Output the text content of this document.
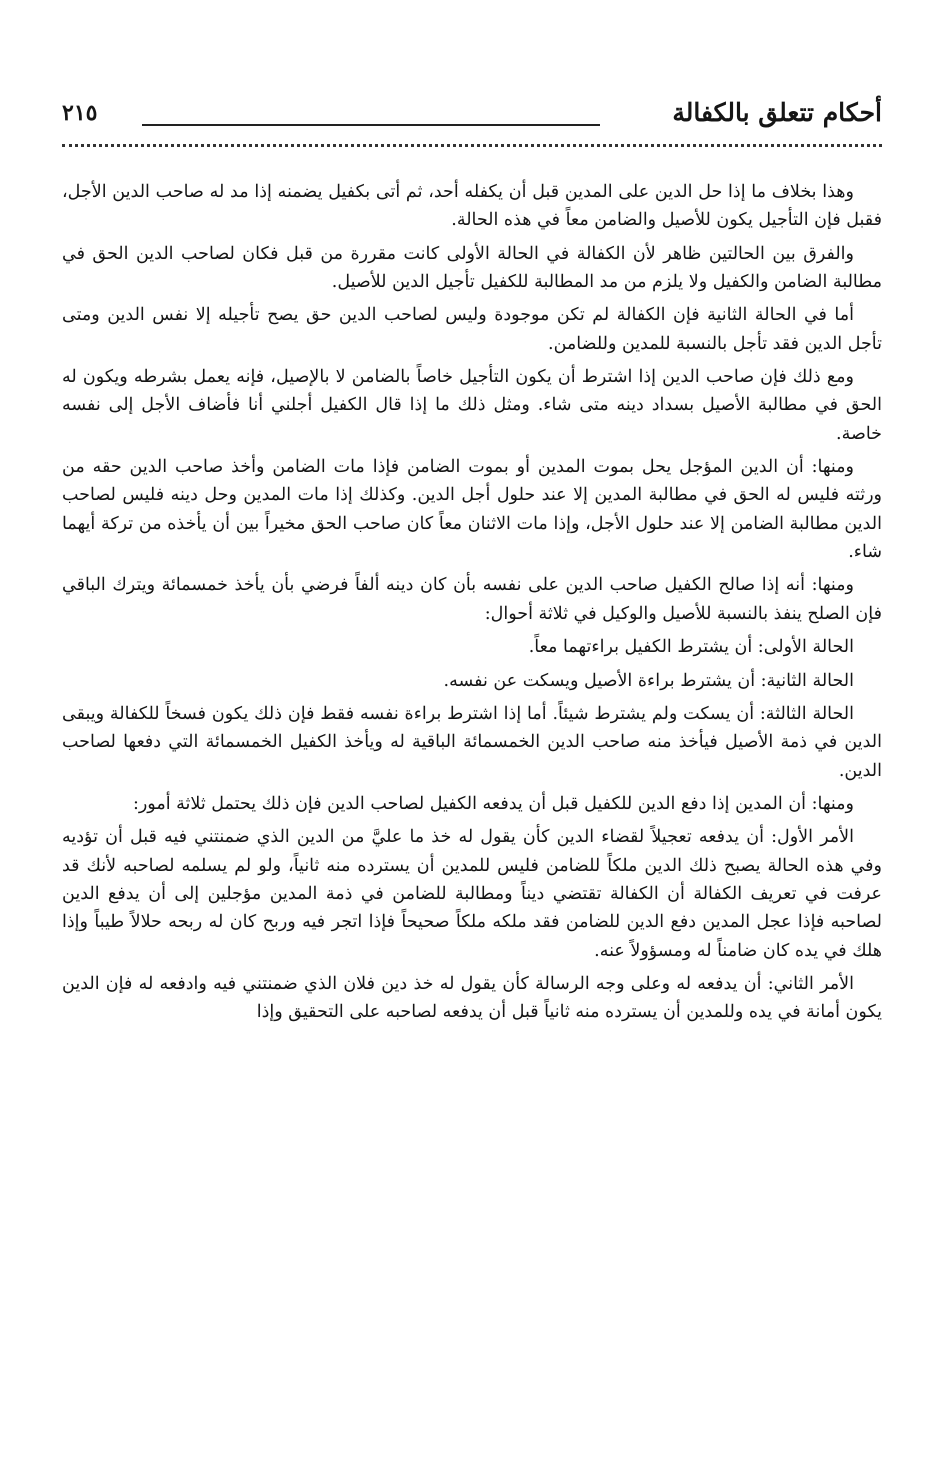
أحكام تتعلق بالكفالة
٢١٥

وهذا بخلاف ما إذا حل الدين على المدين قبل أن يكفله أحد، ثم أتى بكفيل يضمنه إذا مد له صاحب الدين الأجل، فقبل فإن التأجيل يكون للأصيل والضامن معاً في هذه الحالة.

والفرق بين الحالتين ظاهر لأن الكفالة في الحالة الأولى كانت مقررة من قبل فكان لصاحب الدين الحق في مطالبة الضامن والكفيل ولا يلزم من مد المطالبة للكفيل تأجيل الدين للأصيل.

أما في الحالة الثانية فإن الكفالة لم تكن موجودة وليس لصاحب الدين حق يصح تأجيله إلا نفس الدين ومتى تأجل الدين فقد تأجل بالنسبة للمدين وللضامن.

ومع ذلك فإن صاحب الدين إذا اشترط أن يكون التأجيل خاصاً بالضامن لا بالإصيل، فإنه يعمل بشرطه ويكون له الحق في مطالبة الأصيل بسداد دينه متى شاء. ومثل ذلك ما إذا قال الكفيل أجلني أنا فأضاف الأجل إلى نفسه خاصة.

ومنها: أن الدين المؤجل يحل بموت المدين أو بموت الضامن فإذا مات الضامن وأخذ صاحب الدين حقه من ورثته فليس له الحق في مطالبة المدين إلا عند حلول أجل الدين. وكذلك إذا مات المدين وحل دينه فليس لصاحب الدين مطالبة الضامن إلا عند حلول الأجل، وإذا مات الاثنان معاً كان صاحب الحق مخيراً بين أن يأخذه من تركة أيهما شاء.

ومنها: أنه إذا صالح الكفيل صاحب الدين على نفسه بأن كان دينه ألفاً فرضي بأن يأخذ خمسمائة ويترك الباقي فإن الصلح ينفذ بالنسبة للأصيل والوكيل في ثلاثة أحوال:

الحالة الأولى: أن يشترط الكفيل براءتهما معاً.

الحالة الثانية: أن يشترط براءة الأصيل ويسكت عن نفسه.

الحالة الثالثة: أن يسكت ولم يشترط شيئاً. أما إذا اشترط براءة نفسه فقط فإن ذلك يكون فسخاً للكفالة ويبقى الدين في ذمة الأصيل فيأخذ منه صاحب الدين الخمسمائة الباقية له ويأخذ الكفيل الخمسمائة التي دفعها لصاحب الدين.

ومنها: أن المدين إذا دفع الدين للكفيل قبل أن يدفعه الكفيل لصاحب الدين فإن ذلك يحتمل ثلاثة أمور:

الأمر الأول: أن يدفعه تعجيلاً لقضاء الدين كأن يقول له خذ ما عليَّ من الدين الذي ضمنتني فيه قبل أن تؤديه وفي هذه الحالة يصبح ذلك الدين ملكاً للضامن فليس للمدين أن يسترده منه ثانياً، ولو لم يسلمه لصاحبه لأنك قد عرفت في تعريف الكفالة أن الكفالة تقتضي ديناً ومطالبة للضامن في ذمة المدين مؤجلين إلى أن يدفع الدين لصاحبه فإذا عجل المدين دفع الدين للضامن فقد ملكه ملكاً صحيحاً فإذا اتجر فيه وربح كان له ربحه حلالاً طيباً وإذا هلك في يده كان ضامناً له ومسؤولاً عنه.

الأمر الثاني: أن يدفعه له وعلى وجه الرسالة كأن يقول له خذ دين فلان الذي ضمنتني فيه وادفعه له فإن الدين يكون أمانة في يده وللمدين أن يسترده منه ثانياً قبل أن يدفعه لصاحبه على التحقيق وإذا
